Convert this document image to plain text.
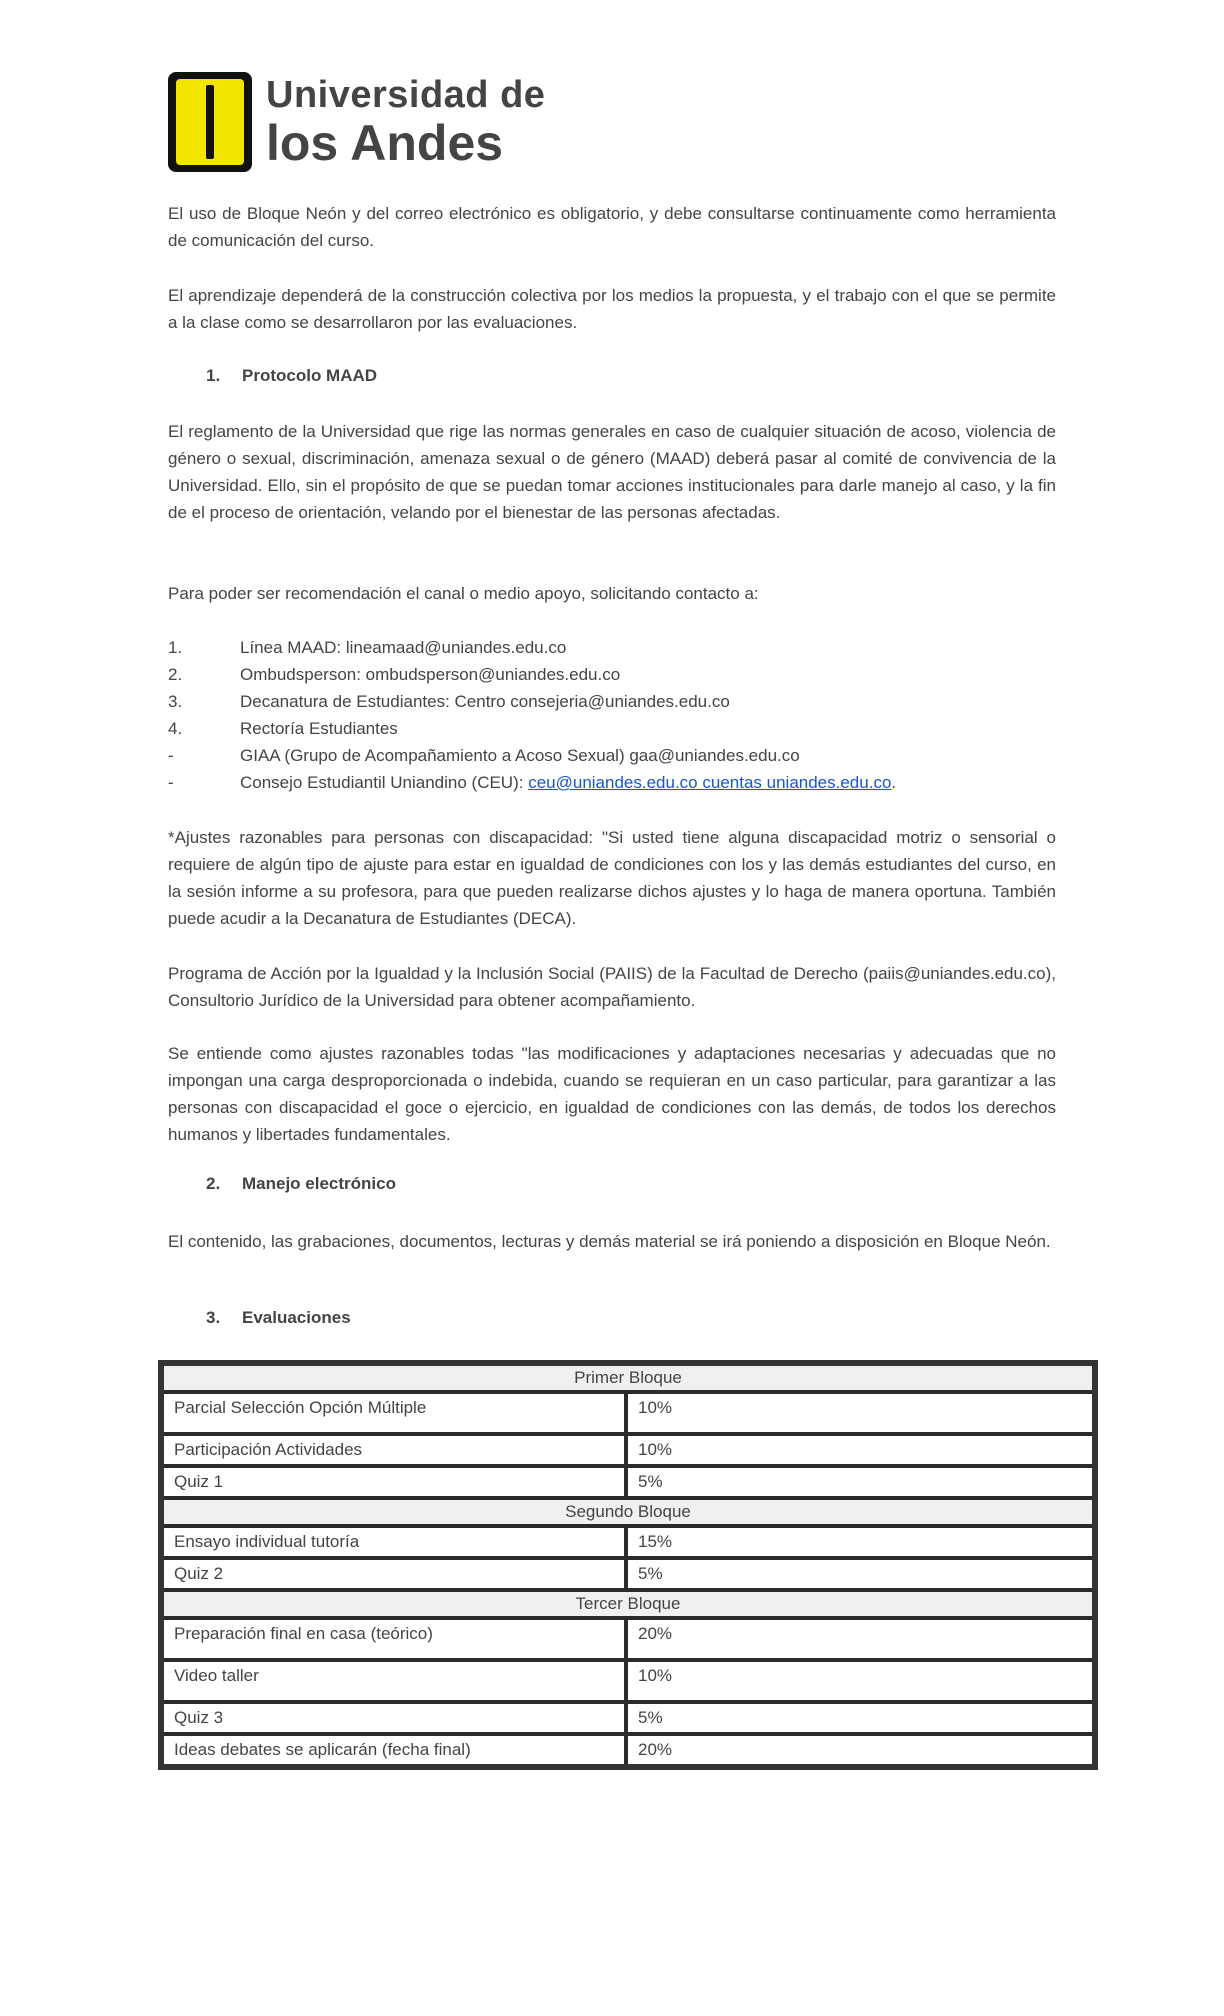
Universidad de
los Andes
El uso de Bloque Neón y del correo electrónico es obligatorio, y debe consultarse continuamente como herramienta de comunicación del curso.
El aprendizaje dependerá de la construcción colectiva por los medios la propuesta, y el trabajo con el que se permite a la clase como se desarrollaron por las evaluaciones.
1. Protocolo MAAD
El reglamento de la Universidad que rige las normas generales en caso de cualquier situación de acoso, violencia de género o sexual, discriminación, amenaza sexual o de género (MAAD) deberá pasar al comité de convivencia de la Universidad. Ello, sin el propósito de que se puedan tomar acciones institucionales para darle manejo al caso, y la fin de el proceso de orientación, velando por el bienestar de las personas afectadas.
Para poder ser recomendación el canal o medio apoyo, solicitando contacto a:
1.	Línea MAAD: lineamaad@uniandes.edu.co
2.	Ombudsperson: ombudsperson@uniandes.edu.co
3.	Decanatura de Estudiantes: Centro consejeria@uniandes.edu.co
4.	Rectoría Estudiantes
-	GIAA (Grupo de Acompañamiento a Acoso Sexual) gaa@uniandes.edu.co
-	Consejo Estudiantil Uniandino (CEU): ceu@uniandes.edu.co cuentas uniandes.edu.co.
*Ajustes razonables para personas con discapacidad: "Si usted tiene alguna discapacidad motriz o sensorial o requiere de algún tipo de ajuste para estar en igualdad de condiciones con los y las demás estudiantes del curso, en la sesión informe a su profesora, para que pueden realizarse dichos ajustes y lo haga de manera oportuna. También puede acudir a la Decanatura de Estudiantes (DECA).
Programa de Acción por la Igualdad y la Inclusión Social (PAIIS) de la Facultad de Derecho (paiis@uniandes.edu.co), Consultorio Jurídico de la Universidad para obtener acompañamiento.
Se entiende como ajustes razonables todas "las modificaciones y adaptaciones necesarias y adecuadas que no impongan una carga desproporcionada o indebida, cuando se requieran en un caso particular, para garantizar a las personas con discapacidad el goce o ejercicio, en igualdad de condiciones con las demás, de todos los derechos humanos y libertades fundamentales.
2. Manejo electrónico
El contenido, las grabaciones, documentos, lecturas y demás material se irá poniendo a disposición en Bloque Neón.
3. Evaluaciones
Primer Bloque	
Parcial Selección Opción Múltiple	10%
Participación Actividades	10%
Quiz 1	5%
Segundo Bloque	
Ensayo individual tutoría	15%
Quiz 2	5%
Tercer Bloque	
Preparación final en casa (teórico)	20%
Video taller	10%
Quiz 3	5%
Ideas debates se aplicarán (fecha final)	20%
